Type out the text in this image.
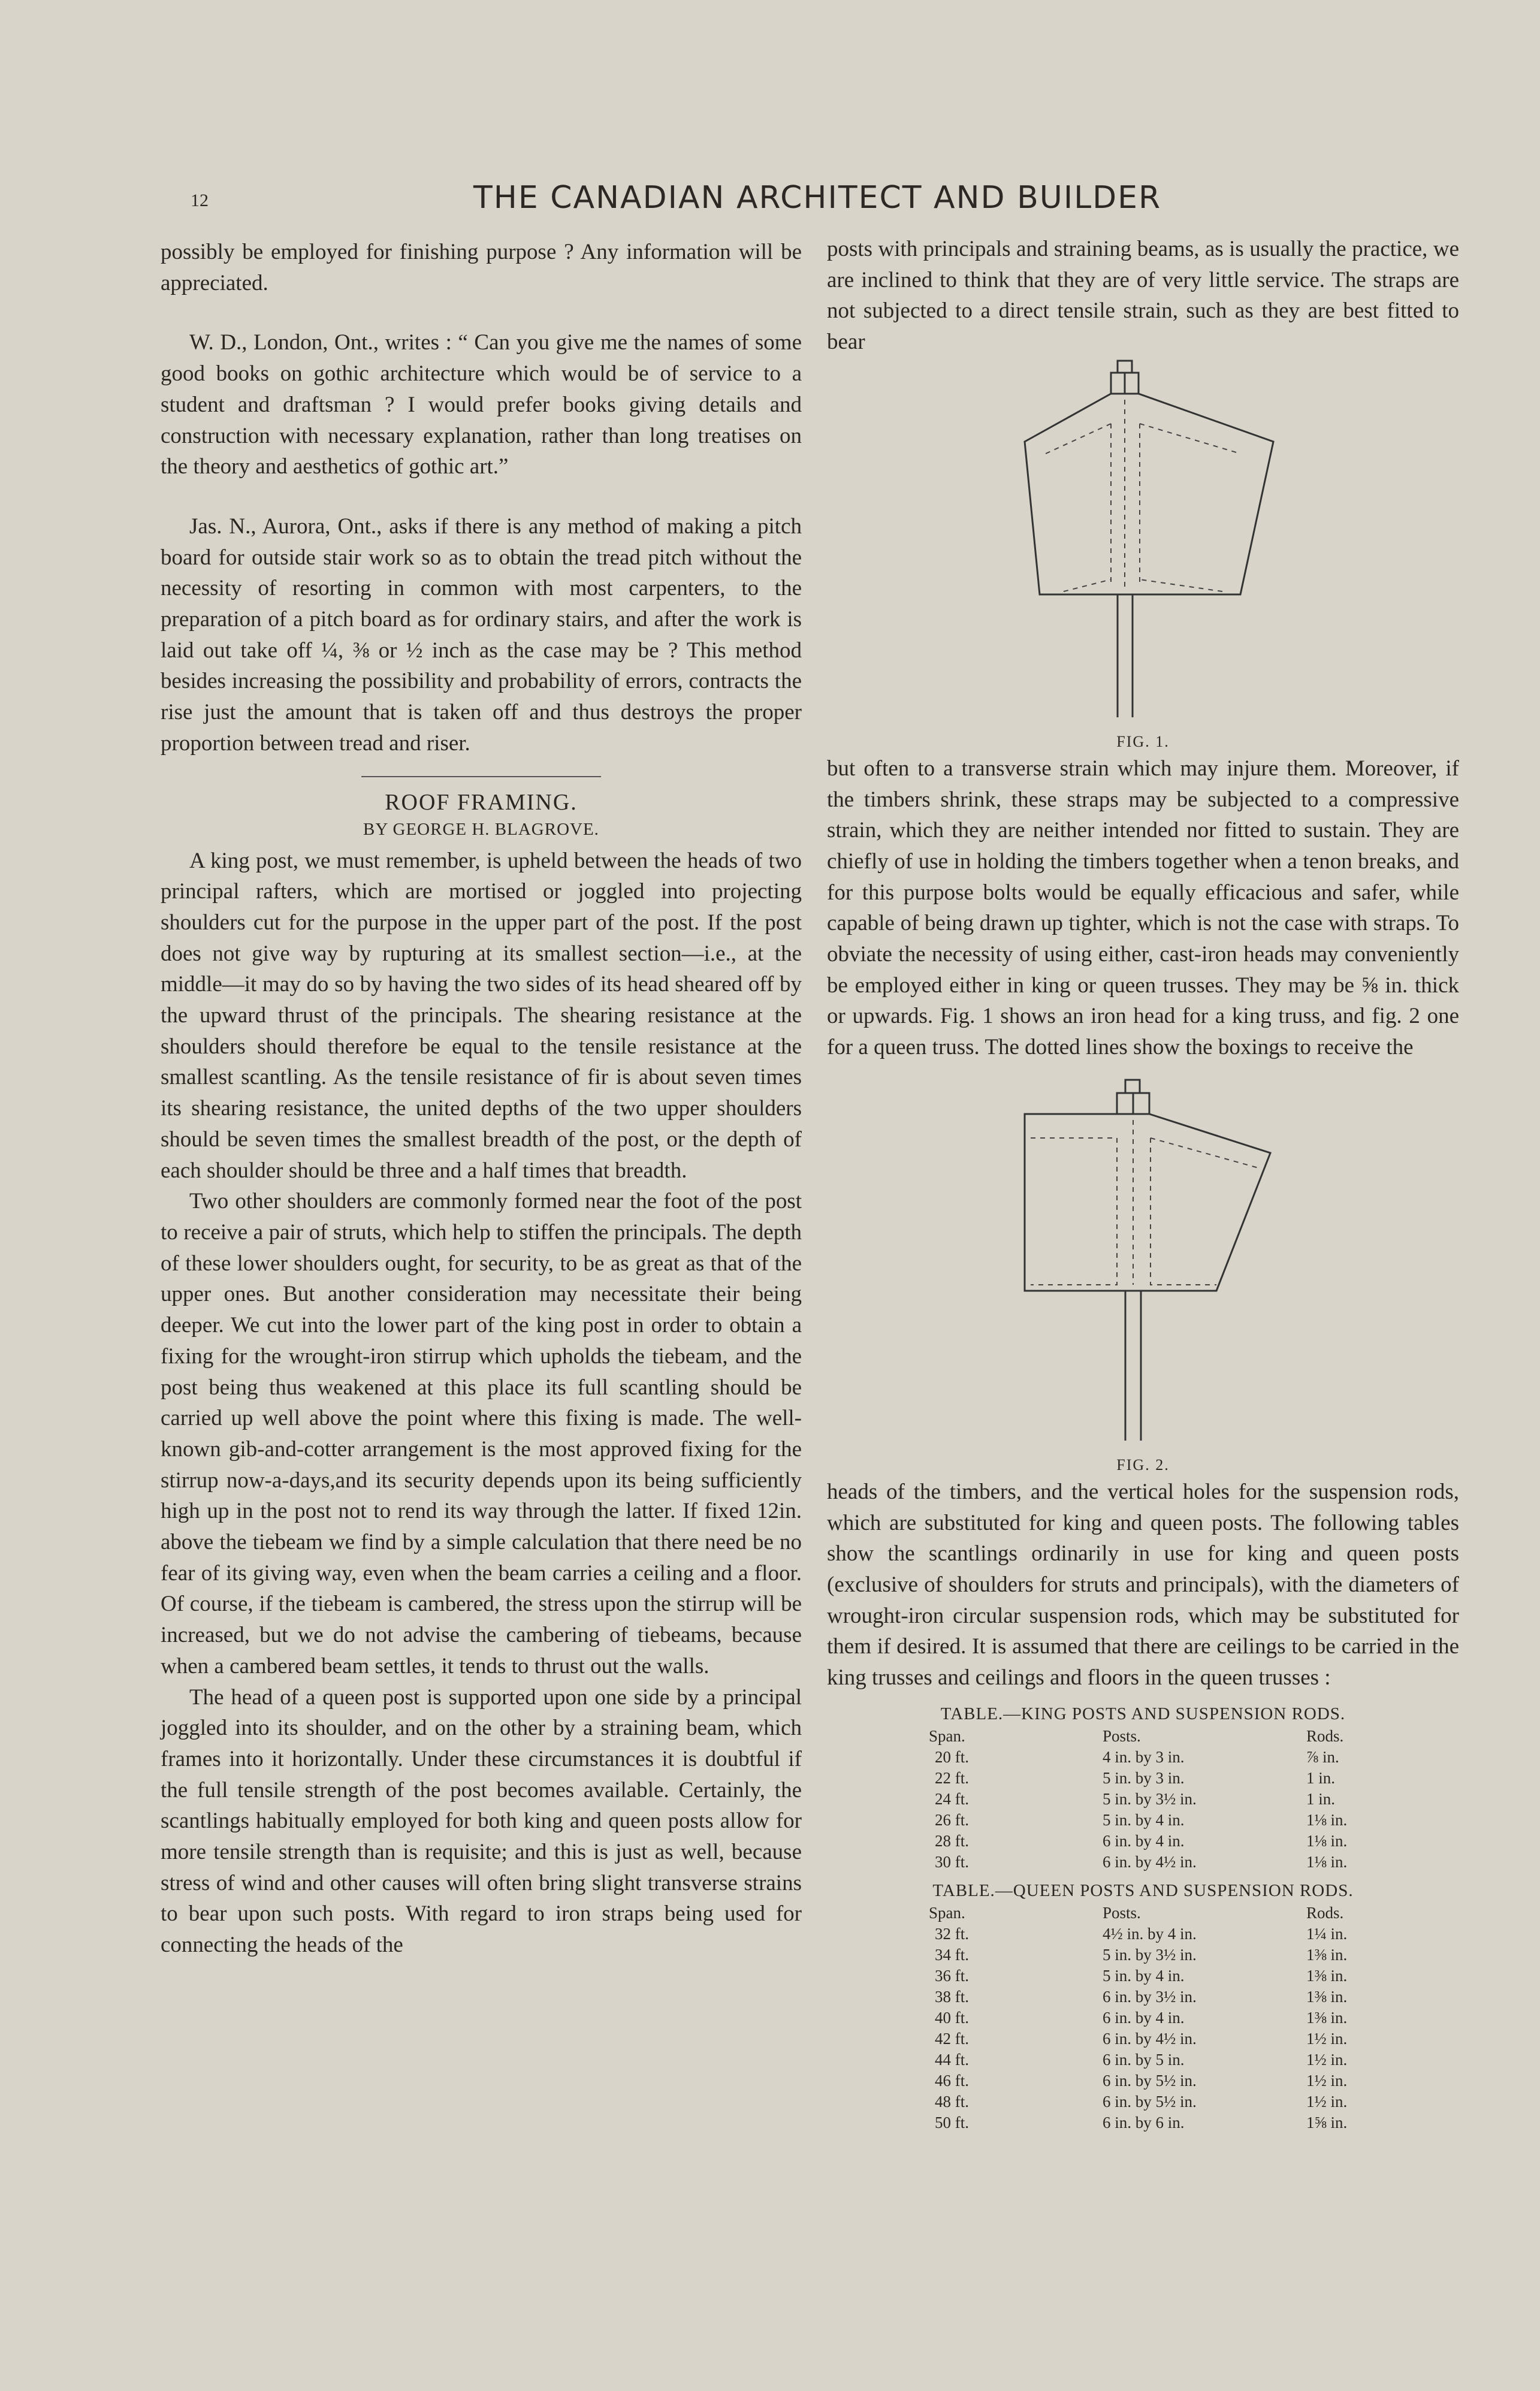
12	THE CANADIAN ARCHITECT AND BUILDER

possibly be employed for finishing purpose ? Any information will be appreciated.

W. D., London, Ont., writes : “ Can you give me the names of some good books on gothic architecture which would be of service to a student and draftsman ? I would prefer books giving details and construction with necessary explanation, rather than long treatises on the theory and aesthetics of gothic art.”

Jas. N., Aurora, Ont., asks if there is any method of making a pitch board for outside stair work so as to obtain the tread pitch without the necessity of resorting in common with most carpenters, to the preparation of a pitch board as for ordinary stairs, and after the work is laid out take off ¼, ⅜ or ½ inch as the case may be ? This method besides increasing the possibility and probability of errors, contracts the rise just the amount that is taken off and thus destroys the proper proportion between tread and riser.

ROOF FRAMING.
BY GEORGE H. BLAGROVE.

A king post, we must remember, is upheld between the heads of two principal rafters, which are mortised or joggled into projecting shoulders cut for the purpose in the upper part of the post. If the post does not give way by rupturing at its smallest section—i.e., at the middle—it may do so by having the two sides of its head sheared off by the upward thrust of the principals. The shearing resistance at the shoulders should therefore be equal to the tensile resistance at the smallest scantling. As the tensile resistance of fir is about seven times its shearing resistance, the united depths of the two upper shoulders should be seven times the smallest breadth of the post, or the depth of each shoulder should be three and a half times that breadth.

Two other shoulders are commonly formed near the foot of the post to receive a pair of struts, which help to stiffen the principals. The depth of these lower shoulders ought, for security, to be as great as that of the upper ones. But another consideration may necessitate their being deeper. We cut into the lower part of the king post in order to obtain a fixing for the wrought-iron stirrup which upholds the tiebeam, and the post being thus weakened at this place its full scantling should be carried up well above the point where this fixing is made. The well-known gib-and-cotter arrangement is the most approved fixing for the stirrup now-a-days,and its security depends upon its being sufficiently high up in the post not to rend its way through the latter. If fixed 12in. above the tiebeam we find by a simple calculation that there need be no fear of its giving way, even when the beam carries a ceiling and a floor. Of course, if the tiebeam is cambered, the stress upon the stirrup will be increased, but we do not advise the cambering of tiebeams, because when a cambered beam settles, it tends to thrust out the walls.

The head of a queen post is supported upon one side by a principal joggled into its shoulder, and on the other by a straining beam, which frames into it horizontally. Under these circumstances it is doubtful if the full tensile strength of the post becomes available. Certainly, the scantlings habitually employed for both king and queen posts allow for more tensile strength than is requisite; and this is just as well, because stress of wind and other causes will often bring slight transverse strains to bear upon such posts. With regard to iron straps being used for connecting the heads of the

posts with principals and straining beams, as is usually the practice, we are inclined to think that they are of very little service. The straps are not subjected to a direct tensile strain, such as they are best fitted to bear

FIG. 1.

but often to a transverse strain which may injure them. Moreover, if the timbers shrink, these straps may be subjected to a compressive strain, which they are neither intended nor fitted to sustain. They are chiefly of use in holding the timbers together when a tenon breaks, and for this purpose bolts would be equally efficacious and safer, while capable of being drawn up tighter, which is not the case with straps. To obviate the necessity of using either, cast-iron heads may conveniently be employed either in king or queen trusses. They may be ⅝ in. thick or upwards. Fig. 1 shows an iron head for a king truss, and fig. 2 one for a queen truss. The dotted lines show the boxings to receive the

FIG. 2.

heads of the timbers, and the vertical holes for the suspension rods, which are substituted for king and queen posts. The following tables show the scantlings ordinarily in use for king and queen posts (exclusive of shoulders for struts and principals), with the diameters of wrought-iron circular suspension rods, which may be substituted for them if desired. It is assumed that there are ceilings to be carried in the king trusses and ceilings and floors in the queen trusses :

TABLE.—KING POSTS AND SUSPENSION RODS.
Span.	Posts.	Rods.
20 ft.	4 in. by 3 in.	⅞ in.
22 ft.	5 in. by 3 in.	1 in.
24 ft.	5 in. by 3½ in.	1 in.
26 ft.	5 in. by 4 in.	1⅛ in.
28 ft.	6 in. by 4 in.	1⅛ in.
30 ft.	6 in. by 4½ in.	1⅛ in.
TABLE.—QUEEN POSTS AND SUSPENSION RODS.
Span.	Posts.	Rods.
32 ft.	4½ in. by 4 in.	1¼ in.
34 ft.	5 in. by 3½ in.	1⅜ in.
36 ft.	5 in. by 4 in.	1⅜ in.
38 ft.	6 in. by 3½ in.	1⅜ in.
40 ft.	6 in. by 4 in.	1⅜ in.
42 ft.	6 in. by 4½ in.	1½ in.
44 ft.	6 in. by 5 in.	1½ in.
46 ft.	6 in. by 5½ in.	1½ in.
48 ft.	6 in. by 5½ in.	1½ in.
50 ft.	6 in. by 6 in.	1⅝ in.
